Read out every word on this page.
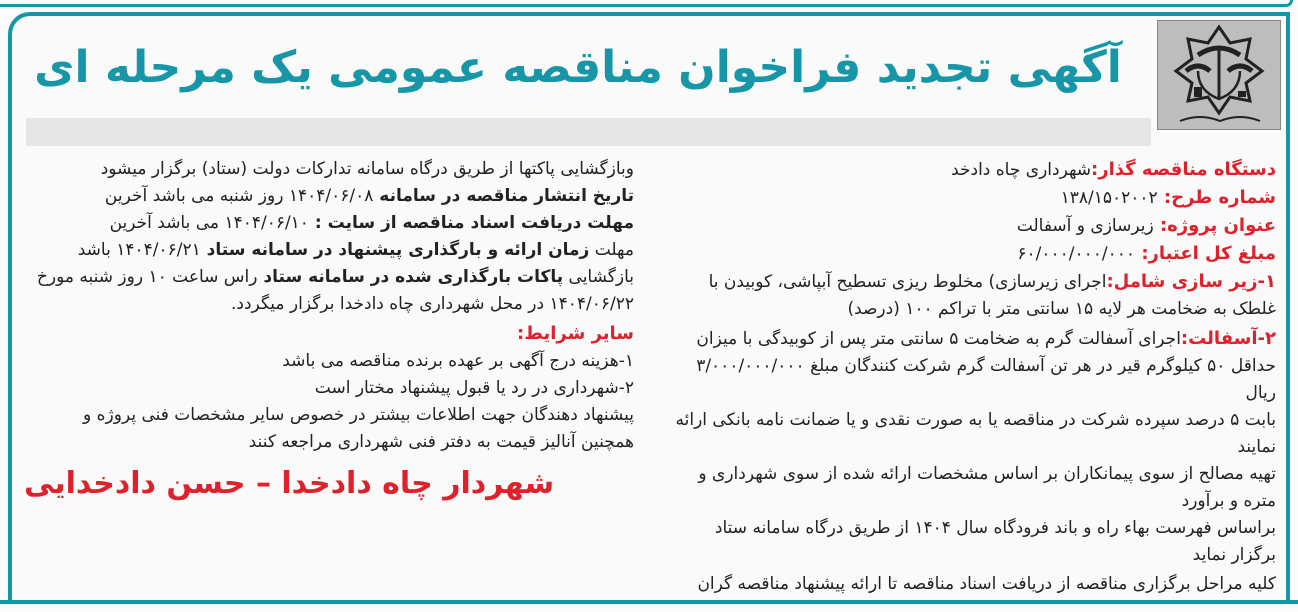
آگهی تجدید فراخوان مناقصه عمومی یک مرحله ای
دستگاه مناقصه گذار:شهرداری چاه دادخد
شماره طرح: ۱۳۸/۱۵۰۲۰۰۲
عنوان پروژه: زیرسازی و آسفالت
مبلغ کل اعتبار: ۶۰/۰۰۰/۰۰۰/۰۰۰
۱-زیر سازی شامل:اجرای زیرسازی) مخلوط ریزی تسطیح آبپاشی، کوبیدن با
غلطک به ضخامت هر لایه ۱۵ سانتی متر با تراکم ۱۰۰ (درصد)
۲-آسفالت:اجرای آسفالت گرم به ضخامت ۵ سانتی متر پس از کوبیدگی با میزان
حداقل ۵۰ کیلوگرم قیر در هر تن آسفالت گرم شرکت کنندگان مبلغ ۳/۰۰۰/۰۰۰/۰۰۰ ریال
بابت ۵ درصد سپرده شرکت در مناقصه یا به صورت نقدی و یا ضمانت نامه بانکی ارائه نمایند
تهیه مصالح از سوی پیمانکاران بر اساس مشخصات ارائه شده از سوی شهرداری و متره و برآورد
براساس فهرست بهاء راه و باند فرودگاه سال ۱۴۰۴ از طریق درگاه سامانه ستاد برگزار نماید
کلیه مراحل برگزاری مناقصه از دریافت اسناد مناقصه تا ارائه پیشنهاد مناقصه گران
وبازگشایی پاکتها از طریق درگاه سامانه تدارکات دولت (ستاد) برگزار میشود
تاریخ انتشار مناقصه در سامانه ۱۴۰۴/۰۶/۰۸ روز شنبه می باشد آخرین
مهلت دریافت اسناد مناقصه از سایت : ۱۴۰۴/۰۶/۱۰ می باشد آخرین
مهلت زمان ارائه و بارگذاری پیشنهاد در سامانه ستاد ۱۴۰۴/۰۶/۲۱ باشد
بازگشایی پاکات بارگذاری شده در سامانه ستاد راس ساعت ۱۰ روز شنبه مورخ
۱۴۰۴/۰۶/۲۲ در محل شهرداری چاه دادخدا برگزار میگردد.
سایر شرایط:
۱-هزینه درج آگهی بر عهده برنده مناقصه می باشد
۲-شهرداری در رد یا قبول پیشنهاد مختار است
پیشنهاد دهندگان جهت اطلاعات بیشتر در خصوص سایر مشخصات فنی پروژه و
همچنین آنالیز قیمت به دفتر فنی شهرداری مراجعه کنند
شهردار چاه دادخدا – حسن دادخدایی
